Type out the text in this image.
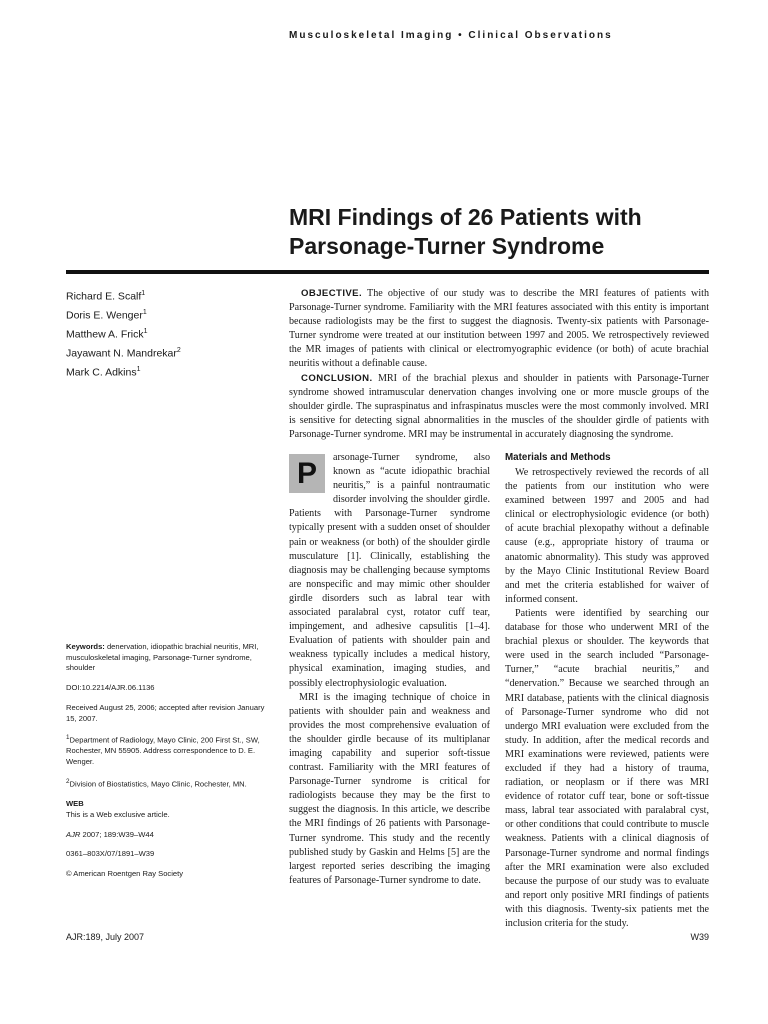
Musculoskeletal Imaging • Clinical Observations
MRI Findings of 26 Patients with
Parsonage-Turner Syndrome
Richard E. Scalf$^1$
Doris E. Wenger$^1$
Matthew A. Frick$^1$
Jayawant N. Mandrekar$^2$
Mark C. Adkins$^1$

Keywords: denervation, idiopathic brachial neuritis, MRI, musculoskeletal imaging, Parsonage-Turner syndrome, shoulder

DOI:10.2214/AJR.06.1136

Received August 25, 2006; accepted after revision January 15, 2007.

$^1$Department of Radiology, Mayo Clinic, 200 First St., SW, Rochester, MN 55905. Address correspondence to D. E. Wenger.

$^2$Division of Biostatistics, Mayo Clinic, Rochester, MN.

WEB

This is a Web exclusive article.

AJR 2007; 189:W39–W44

0361–803X/07/1891–W39

© American Roentgen Ray Society

OBJECTIVE. The objective of our study was to describe the MRI features of patients with Parsonage-Turner syndrome. Familiarity with the MRI features associated with this entity is important because radiologists may be the first to suggest the diagnosis. Twenty-six patients with Parsonage-Turner syndrome were treated at our institution between 1997 and 2005. We retrospectively reviewed the MR images of patients with clinical or electromyographic evidence (or both) of acute brachial neuritis without a definable cause.

CONCLUSION. MRI of the brachial plexus and shoulder in patients with Parsonage-Turner syndrome showed intramuscular denervation changes involving one or more muscle groups of the shoulder girdle. The supraspinatus and infraspinatus muscles were the most commonly involved. MRI is sensitive for detecting signal abnormalities in the muscles of the shoulder girdle of patients with Parsonage-Turner syndrome. MRI may be instrumental in accurately diagnosing the syndrome.

P	arsonage-Turner syndrome, also known as “acute idiopathic brachial neuritis,” is a painful nontraumatic disorder involving the shoulder girdle. Patients with Parsonage-Turner syndrome typically present with a sudden onset of shoulder pain or weakness (or both) of the shoulder girdle musculature [1]. Clinically, establishing the diagnosis may be challenging because symptoms are nonspecific and may mimic other shoulder girdle disorders such as labral tear with associated paralabral cyst, rotator cuff tear, impingement, and adhesive capsulitis [1–4]. Evaluation of patients with shoulder pain and weakness typically includes a medical history, physical examination, imaging studies, and possibly electrophysiologic evaluation.

MRI is the imaging technique of choice in patients with shoulder pain and weakness and provides the most comprehensive evaluation of the shoulder girdle because of its multiplanar imaging capability and superior soft-tissue contrast. Familiarity with the MRI features of Parsonage-Turner syndrome is critical for radiologists because they may be the first to suggest the diagnosis. In this article, we describe the MRI findings of 26 patients with Parsonage-Turner syndrome. This study and the recently published study by Gaskin and Helms [5] are the largest reported series describing the imaging features of Parsonage-Turner syndrome to date.

Materials and Methods

We retrospectively reviewed the records of all the patients from our institution who were examined between 1997 and 2005 and had clinical or electrophysiologic evidence (or both) of acute brachial plexopathy without a definable cause (e.g., appropriate history of trauma or anatomic abnormality). This study was approved by the Mayo Clinic Institutional Review Board and met the criteria established for waiver of informed consent.

Patients were identified by searching our database for those who underwent MRI of the brachial plexus or shoulder. The keywords that were used in the search included “Parsonage-Turner,” “acute brachial neuritis,” and “denervation.” Because we searched through an MRI database, patients with the clinical diagnosis of Parsonage-Turner syndrome who did not undergo MRI evaluation were excluded from the study. In addition, after the medical records and MRI examinations were reviewed, patients were excluded if they had a history of trauma, radiation, or neoplasm or if there was MRI evidence of rotator cuff tear, bone or soft-tissue mass, labral tear associated with paralabral cyst, or other conditions that could contribute to muscle weakness. Patients with a clinical diagnosis of Parsonage-Turner syndrome and normal findings after the MRI examination were also excluded because the purpose of our study was to evaluate and report only positive MRI findings of patients with this diagnosis. Twenty-six patients met the inclusion criteria for the study.

AJR:189, July 2007	W39
